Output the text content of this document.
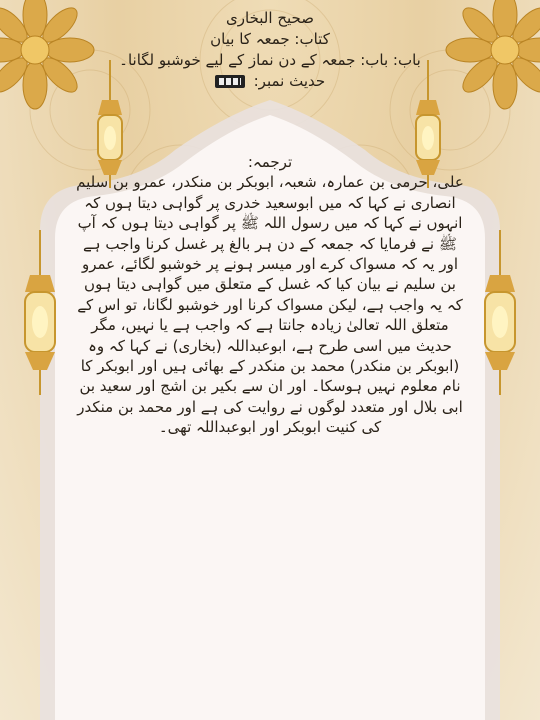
صحیح البخاری
کتاب: جمعہ کا بیان
باب: باب: جمعہ کے دن نماز کے لیے خوشبو لگانا۔
حدیث نمبر:

ترجمہ:

علی، حرمی بن عمارہ، شعبہ، ابوبکر بن منکدر، عمرو بن سلیم انصاری نے کہا کہ میں ابوسعید خدری پر گواہی دیتا ہوں کہ انہوں نے کہا کہ میں رسول اللہ ﷺ پر گواہی دیتا ہوں کہ آپ ﷺ نے فرمایا کہ جمعہ کے دن ہر بالغ پر غسل کرنا واجب ہے اور یہ کہ مسواک کرے اور میسر ہونے پر خوشبو لگائے، عمرو بن سلیم نے بیان کیا کہ غسل کے متعلق میں گواہی دیتا ہوں کہ یہ واجب ہے، لیکن مسواک کرنا اور خوشبو لگانا، تو اس کے متعلق اللہ تعالیٰ زیادہ جانتا ہے کہ واجب ہے یا نہیں، مگر حدیث میں اسی طرح ہے، ابوعبداللہ (بخاری) نے کہا کہ وہ (ابوبکر بن منکدر) محمد بن منکدر کے بھائی ہیں اور ابوبکر کا نام معلوم نہیں ہوسکا۔ اور ان سے بکیر بن اشج اور سعید بن ابی بلال اور متعدد لوگوں نے روایت کی ہے اور محمد بن منکدر کی کنیت ابوبکر اور ابوعبداللہ تھی۔
